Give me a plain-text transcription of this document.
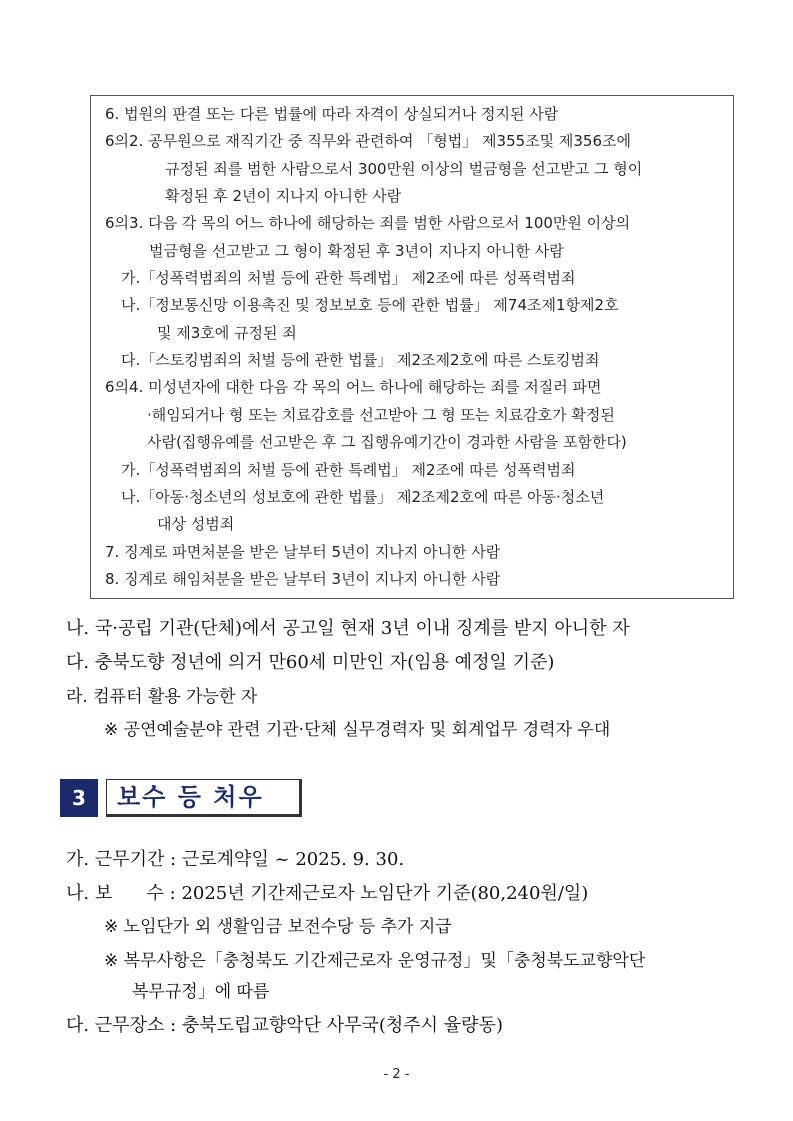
6. 법원의 판결 또는 다른 법률에 따라 자격이 상실되거나 정지된 사람
6의2. 공무원으로 재직기간 중 직무와 관련하여 「형법」 제355조및 제356조에
규정된 죄를 범한 사람으로서 300만원 이상의 벌금형을 선고받고 그 형이
확정된 후 2년이 지나지 아니한 사람
6의3. 다음 각 목의 어느 하나에 해당하는 죄를 범한 사람으로서 100만원 이상의
벌금형을 선고받고 그 형이 확정된 후 3년이 지나지 아니한 사람
가.「성폭력범죄의 처벌 등에 관한 특례법」 제2조에 따른 성폭력범죄
나.「정보통신망 이용촉진 및 정보보호 등에 관한 법률」 제74조제1항제2호
및 제3호에 규정된 죄
다.「스토킹범죄의 처벌 등에 관한 법률」 제2조제2호에 따른 스토킹범죄
6의4. 미성년자에 대한 다음 각 목의 어느 하나에 해당하는 죄를 저질러 파면
·해임되거나 형 또는 치료감호를 선고받아 그 형 또는 치료감호가 확정된
사람(집행유예를 선고받은 후 그 집행유예기간이 경과한 사람을 포함한다)
가.「성폭력범죄의 처벌 등에 관한 특례법」 제2조에 따른 성폭력범죄
나.「아동·청소년의 성보호에 관한 법률」 제2조제2호에 따른 아동·청소년
대상 성범죄
7. 징계로 파면처분을 받은 날부터 5년이 지나지 아니한 사람
8. 징계로 해임처분을 받은 날부터 3년이 지나지 아니한 사람
나. 국·공립 기관(단체)에서 공고일 현재 3년 이내 징계를 받지 아니한 자
다. 충북도향 정년에 의거 만60세 미만인 자(임용 예정일 기준)
라. 컴퓨터 활용 가능한 자
※ 공연예술분야 관련 기관·단체 실무경력자 및 회계업무 경력자 우대
3	보수 등 처우
가. 근무기간 : 근로계약일 ~ 2025. 9. 30.
나. 보      수 : 2025년 기간제근로자 노임단가 기준(80,240원/일)
※ 노임단가 외 생활임금 보전수당 등 추가 지급
※ 복무사항은「충청북도 기간제근로자 운영규정」및「충청북도교향악단
복무규정」에 따름
다. 근무장소 : 충북도립교향악단 사무국(청주시 율량동)
- 2 -
